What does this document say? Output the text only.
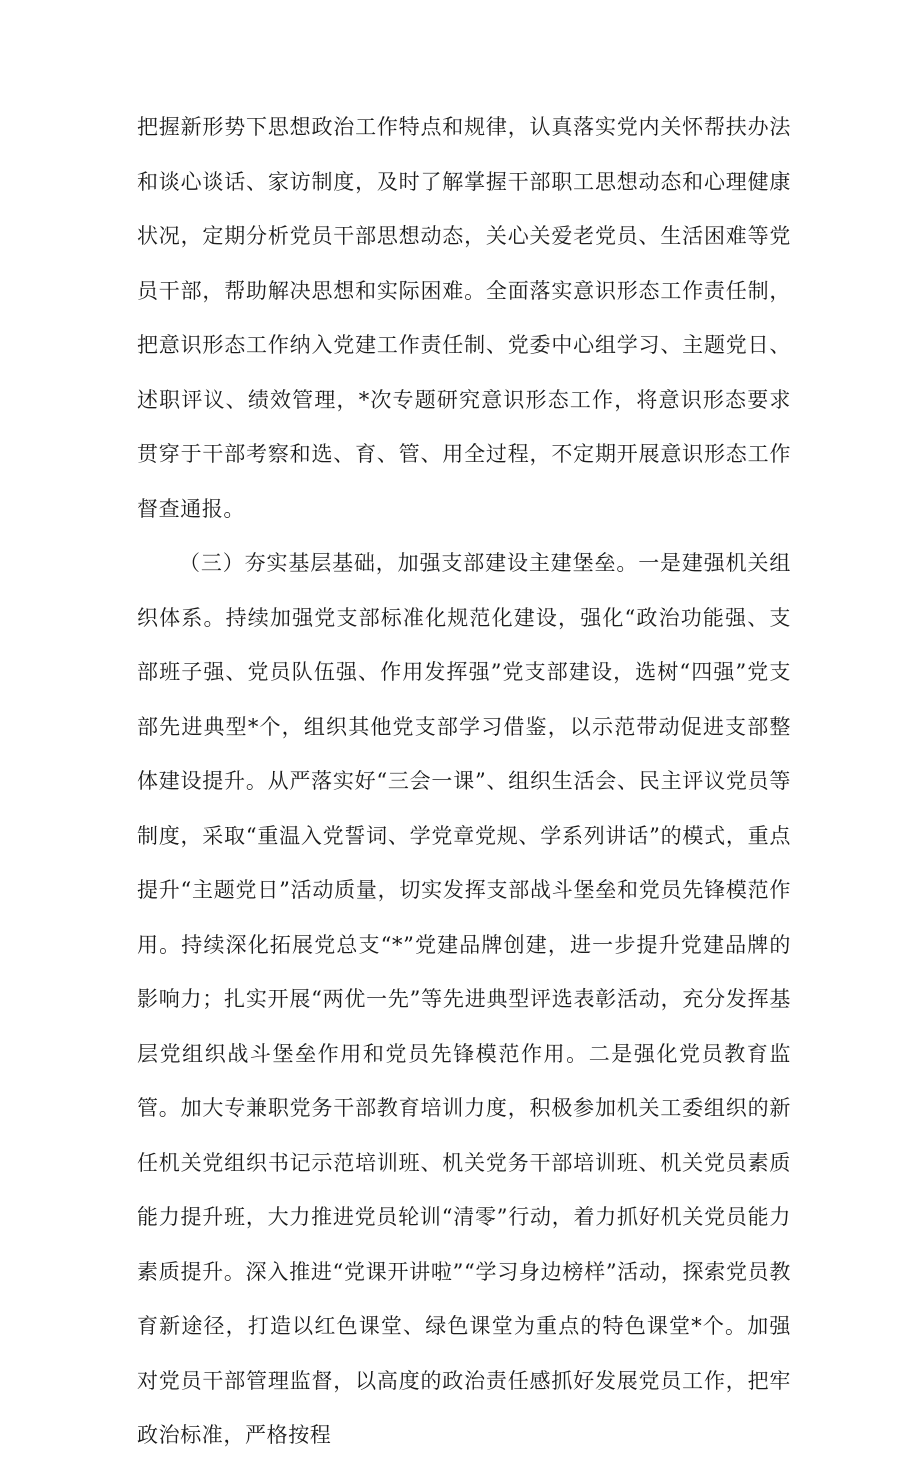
把握新形势下思想政治工作特点和规律，认真落实党内关怀帮扶办法和谈心谈话、家访制度，及时了解掌握干部职工思想动态和心理健康状况，定期分析党员干部思想动态，关心关爱老党员、生活困难等党员干部，帮助解决思想和实际困难。全面落实意识形态工作责任制，把意识形态工作纳入党建工作责任制、党委中心组学习、主题党日、述职评议、绩效管理，*次专题研究意识形态工作，将意识形态要求贯穿于干部考察和选、育、管、用全过程，不定期开展意识形态工作督查通报。

（三）夯实基层基础，加强支部建设主建堡垒。一是建强机关组织体系。持续加强党支部标准化规范化建设，强化“政治功能强、支部班子强、党员队伍强、作用发挥强”党支部建设，选树“四强”党支部先进典型*个，组织其他党支部学习借鉴，以示范带动促进支部整体建设提升。从严落实好“三会一课”、组织生活会、民主评议党员等制度，采取“重温入党誓词、学党章党规、学系列讲话”的模式，重点提升“主题党日”活动质量，切实发挥支部战斗堡垒和党员先锋模范作用。持续深化拓展党总支“*”党建品牌创建，进一步提升党建品牌的影响力；扎实开展“两优一先”等先进典型评选表彰活动，充分发挥基层党组织战斗堡垒作用和党员先锋模范作用。二是强化党员教育监管。加大专兼职党务干部教育培训力度，积极参加机关工委组织的新任机关党组织书记示范培训班、机关党务干部培训班、机关党员素质能力提升班，大力推进党员轮训“清零”行动，着力抓好机关党员能力素质提升。深入推进“党课开讲啦”“学习身边榜样”活动，探索党员教育新途径，打造以红色课堂、绿色课堂为重点的特色课堂*个。加强对党员干部管理监督，以高度的政治责任感抓好发展党员工作，把牢政治标准，严格按程
